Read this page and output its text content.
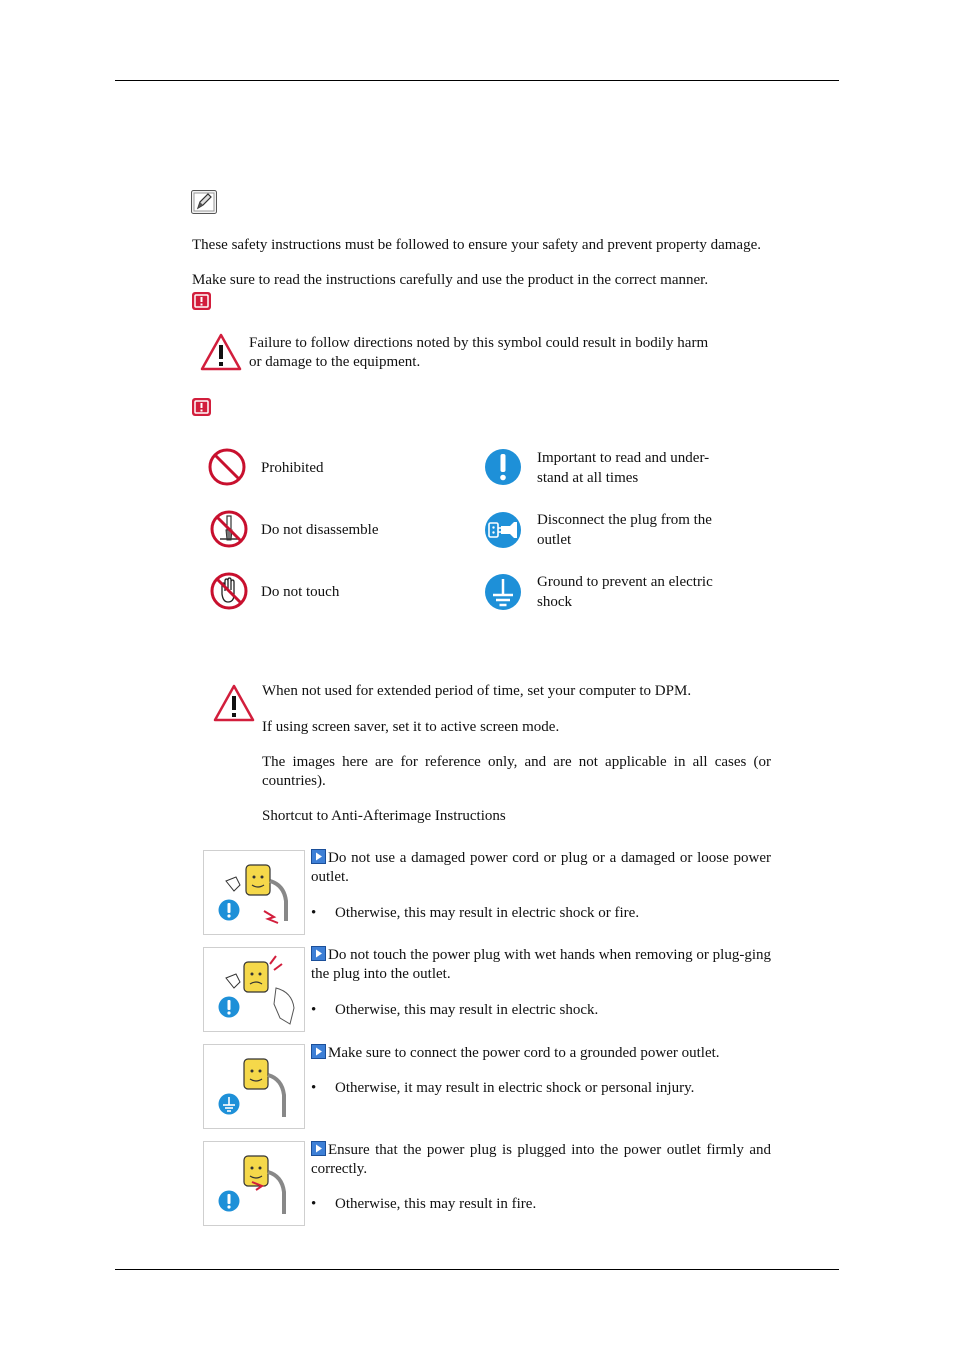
These safety instructions must be followed to ensure your safety and prevent property damage.
Make sure to read the instructions carefully and use the product in the correct manner.
Failure to follow directions noted by this symbol could result in bodily harm
or damage to the equipment.
Prohibited
Important to read and under-
stand at all times
Do not disassemble
Disconnect the plug from the
outlet
Do not touch
Ground to prevent an electric
shock
When not used for extended period of time, set your computer to DPM.
If using screen saver, set it to active screen mode.
The images here are for reference only, and are not applicable in all cases (or countries).
Shortcut to Anti-Afterimage Instructions
Do not use a damaged power cord or plug or a damaged or loose power outlet.
• Otherwise, this may result in electric shock or fire.
Do not touch the power plug with wet hands when removing or plug-ging the plug into the outlet.
• Otherwise, this may result in electric shock.
Make sure to connect the power cord to a grounded power outlet.
• Otherwise, it may result in electric shock or personal injury.
Ensure that the power plug is plugged into the power outlet firmly and correctly.
• Otherwise, this may result in fire.
